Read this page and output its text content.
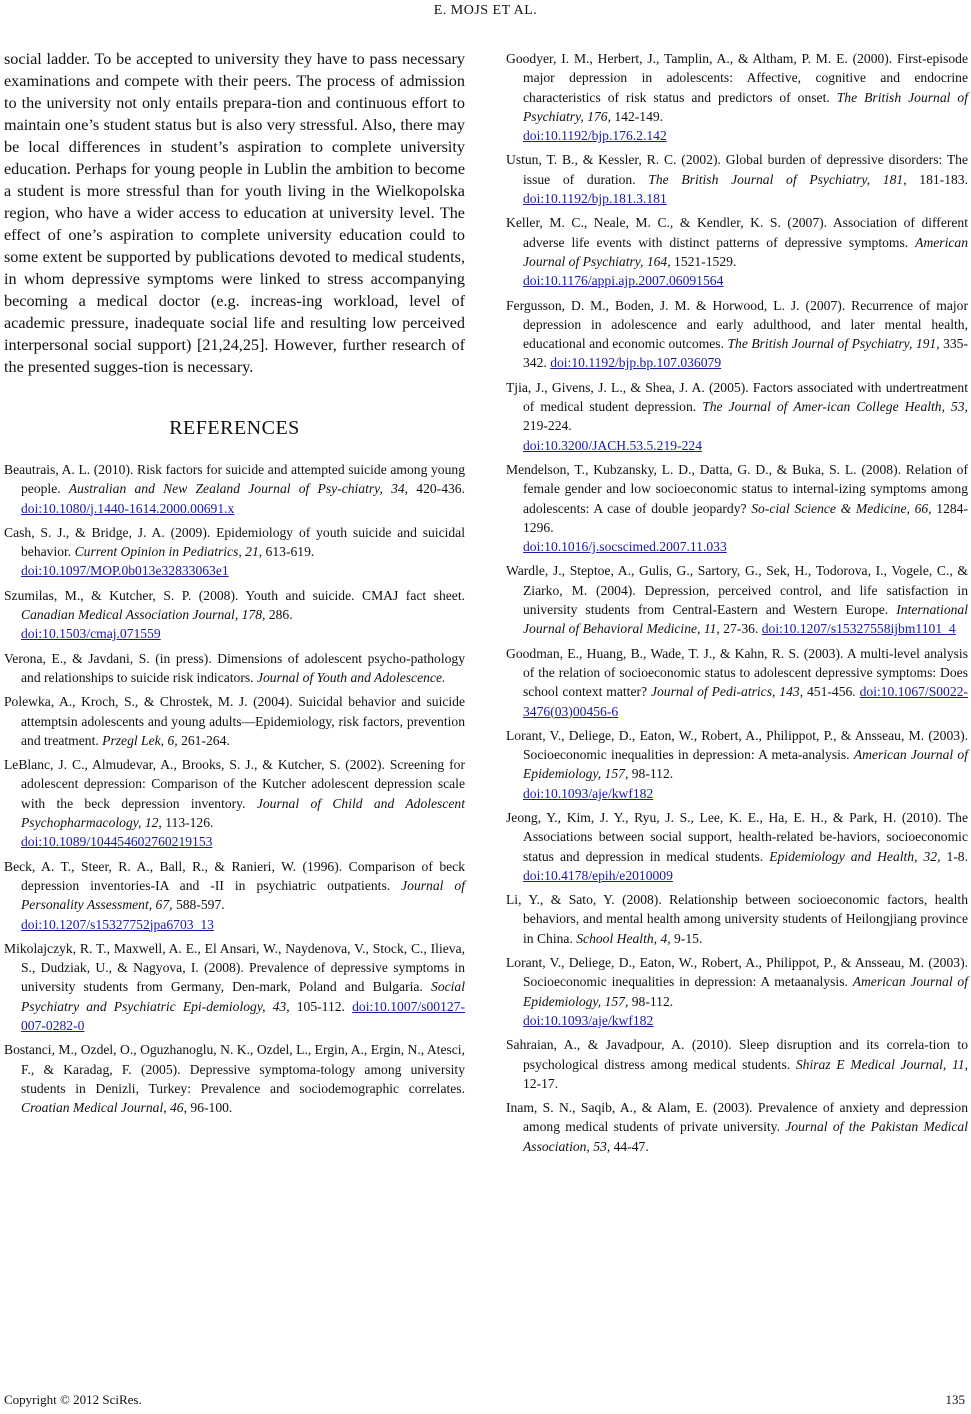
E. MOJS ET AL.

social ladder. To be accepted to university they have to pass necessary examinations and compete with their peers. The process of admission to the university not only entails prepara-tion and continuous effort to maintain one’s student status but is also very stressful. Also, there may be local differences in student’s aspiration to complete university education. Perhaps for young people in Lublin the ambition to become a student is more stressful than for youth living in the Wielkopolska region, who have a wider access to education at university level. The effect of one’s aspiration to complete university education could to some extent be supported by publications devoted to medical students, in whom depressive symptoms were linked to stress accompanying becoming a medical doctor (e.g. increas-ing workload, level of academic pressure, inadequate social life and resulting low perceived interpersonal social support) [21,24,25]. However, further research of the presented sugges-tion is necessary.

REFERENCES

Beautrais, A. L. (2010). Risk factors for suicide and attempted suicide among young people. Australian and New Zealand Journal of Psy-chiatry, 34, 420-436. doi:10.1080/j.1440-1614.2000.00691.x

Cash, S. J., & Bridge, J. A. (2009). Epidemiology of youth suicide and suicidal behavior. Current Opinion in Pediatrics, 21, 613-619.
doi:10.1097/MOP.0b013e32833063e1

Szumilas, M., & Kutcher, S. P. (2008). Youth and suicide. CMAJ fact sheet. Canadian Medical Association Journal, 178, 286.
doi:10.1503/cmaj.071559

Verona, E., & Javdani, S. (in press). Dimensions of adolescent psycho-pathology and relationships to suicide risk indicators. Journal of Youth and Adolescence.

Polewka, A., Kroch, S., & Chrostek, M. J. (2004). Suicidal behavior and suicide attemptsin adolescents and young adults—Epidemiology, risk factors, prevention and treatment. Przegl Lek, 6, 261-264.

LeBlanc, J. C., Almudevar, A., Brooks, S. J., & Kutcher, S. (2002). Screening for adolescent depression: Comparison of the Kutcher adolescent depression scale with the beck depression inventory. Journal of Child and Adolescent Psychopharmacology, 12, 113-126.
doi:10.1089/104454602760219153

Beck, A. T., Steer, R. A., Ball, R., & Ranieri, W. (1996). Comparison of beck depression inventories-IA and -II in psychiatric outpatients. Journal of Personality Assessment, 67, 588-597.
doi:10.1207/s15327752jpa6703_13

Mikolajczyk, R. T., Maxwell, A. E., El Ansari, W., Naydenova, V., Stock, C., Ilieva, S., Dudziak, U., & Nagyova, I. (2008). Prevalence of depressive symptoms in university students from Germany, Den-mark, Poland and Bulgaria. Social Psychiatry and Psychiatric Epi-demiology, 43, 105-112. doi:10.1007/s00127-007-0282-0

Bostanci, M., Ozdel, O., Oguzhanoglu, N. K., Ozdel, L., Ergin, A., Ergin, N., Atesci, F., & Karadag, F. (2005). Depressive symptoma-tology among university students in Denizli, Turkey: Prevalence and sociodemographic correlates. Croatian Medical Journal, 46, 96-100.

Goodyer, I. M., Herbert, J., Tamplin, A., & Altham, P. M. E. (2000). First-episode major depression in adolescents: Affective, cognitive and endocrine characteristics of risk status and predictors of onset. The British Journal of Psychiatry, 176, 142-149.
doi:10.1192/bjp.176.2.142

Ustun, T. B., & Kessler, R. C. (2002). Global burden of depressive disorders: The issue of duration. The British Journal of Psychiatry, 181, 181-183. doi:10.1192/bjp.181.3.181

Keller, M. C., Neale, M. C., & Kendler, K. S. (2007). Association of different adverse life events with distinct patterns of depressive symptoms. American Journal of Psychiatry, 164, 1521-1529.
doi:10.1176/appi.ajp.2007.06091564

Fergusson, D. M., Boden, J. M. & Horwood, L. J. (2007). Recurrence of major depression in adolescence and early adulthood, and later mental health, educational and economic outcomes. The British Journal of Psychiatry, 191, 335-342. doi:10.1192/bjp.bp.107.036079

Tjia, J., Givens, J. L., & Shea, J. A. (2005). Factors associated with undertreatment of medical student depression. The Journal of Amer-ican College Health, 53, 219-224.
doi:10.3200/JACH.53.5.219-224

Mendelson, T., Kubzansky, L. D., Datta, G. D., & Buka, S. L. (2008). Relation of female gender and low socioeconomic status to internal-izing symptoms among adolescents: A case of double jeopardy? So-cial Science & Medicine, 66, 1284-1296.
doi:10.1016/j.socscimed.2007.11.033

Wardle, J., Steptoe, A., Gulis, G., Sartory, G., Sek, H., Todorova, I., Vogele, C., & Ziarko, M. (2004). Depression, perceived control, and life satisfaction in university students from Central-Eastern and Western Europe. International Journal of Behavioral Medicine, 11, 27-36. doi:10.1207/s15327558ijbm1101_4

Goodman, E., Huang, B., Wade, T. J., & Kahn, R. S. (2003). A multi-level analysis of the relation of socioeconomic status to adolescent depressive symptoms: Does school context matter? Journal of Pedi-atrics, 143, 451-456. doi:10.1067/S0022-3476(03)00456-6

Lorant, V., Deliege, D., Eaton, W., Robert, A., Philippot, P., & Ansseau, M. (2003). Socioeconomic inequalities in depression: A meta-analysis. American Journal of Epidemiology, 157, 98-112.
doi:10.1093/aje/kwf182

Jeong, Y., Kim, J. Y., Ryu, J. S., Lee, K. E., Ha, E. H., & Park, H. (2010). The Associations between social support, health-related be-haviors, socioeconomic status and depression in medical students. Epidemiology and Health, 32, 1-8. doi:10.4178/epih/e2010009

Li, Y., & Sato, Y. (2008). Relationship between socioeconomic factors, health behaviors, and mental health among university students of Heilongjiang province in China. School Health, 4, 9-15.

Lorant, V., Deliege, D., Eaton, W., Robert, A., Philippot, P., & Ansseau, M. (2003). Socioeconomic inequalities in depression: A metaanalysis. American Journal of Epidemiology, 157, 98-112.
doi:10.1093/aje/kwf182

Sahraian, A., & Javadpour, A. (2010). Sleep disruption and its correla-tion to psychological distress among medical students. Shiraz E Medical Journal, 11, 12-17.

Inam, S. N., Saqib, A., & Alam, E. (2003). Prevalence of anxiety and depression among medical students of private university. Journal of the Pakistan Medical Association, 53, 44-47.

Copyright © 2012 SciRes.	135
